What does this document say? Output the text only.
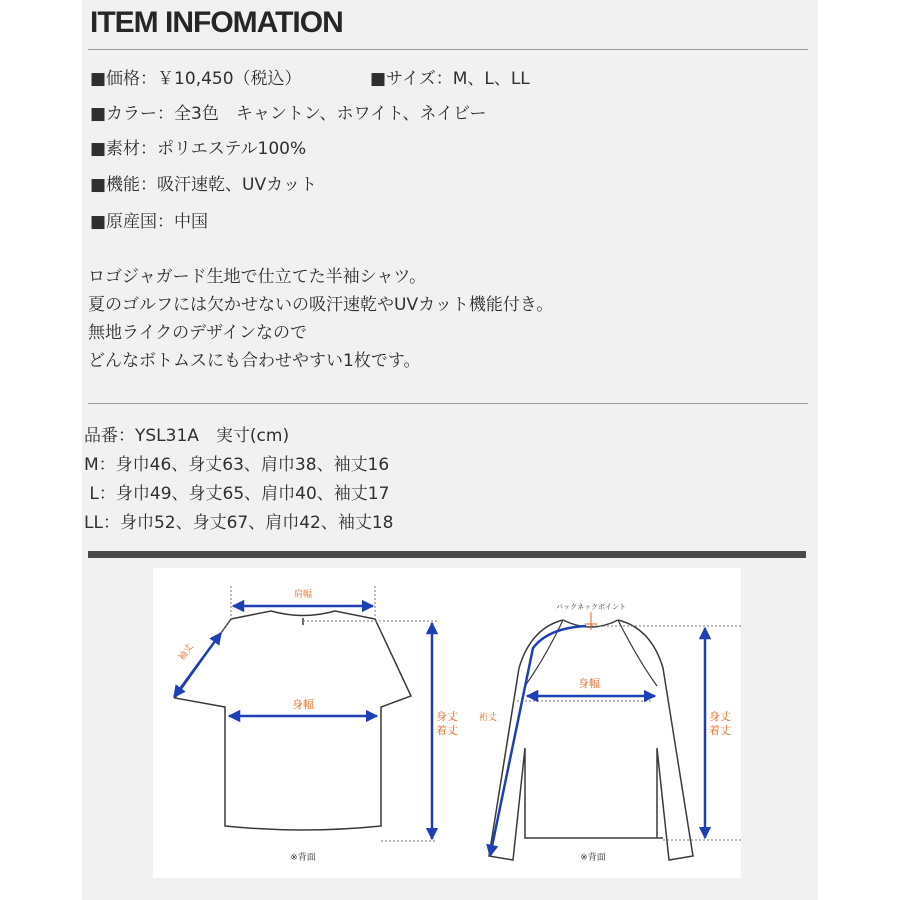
ITEM INFOMATION
■価格：￥10,450（税込）	■サイズ：M、L、LL
■カラー：全3色　キャントン、ホワイト、ネイビー
■素材：ポリエステル100%
■機能：吸汗速乾、UVカット
■原産国：中国
ロゴジャガード生地で仕立てた半袖シャツ。
夏のゴルフには欠かせないの吸汗速乾やUVカット機能付き。
無地ライクのデザインなので
どんなボトムスにも合わせやすい1枚です。
品番：YSL31A　実寸(cm)
M：身巾46、身丈63、肩巾38、袖丈16
L：身巾49、身丈65、肩巾40、袖丈17
LL：身巾52、身丈67、肩巾42、袖丈18
肩幅
袖丈
身幅
身丈
着丈
※背面
バックネックポイント
身幅
裄丈	身丈
着丈
※背面
